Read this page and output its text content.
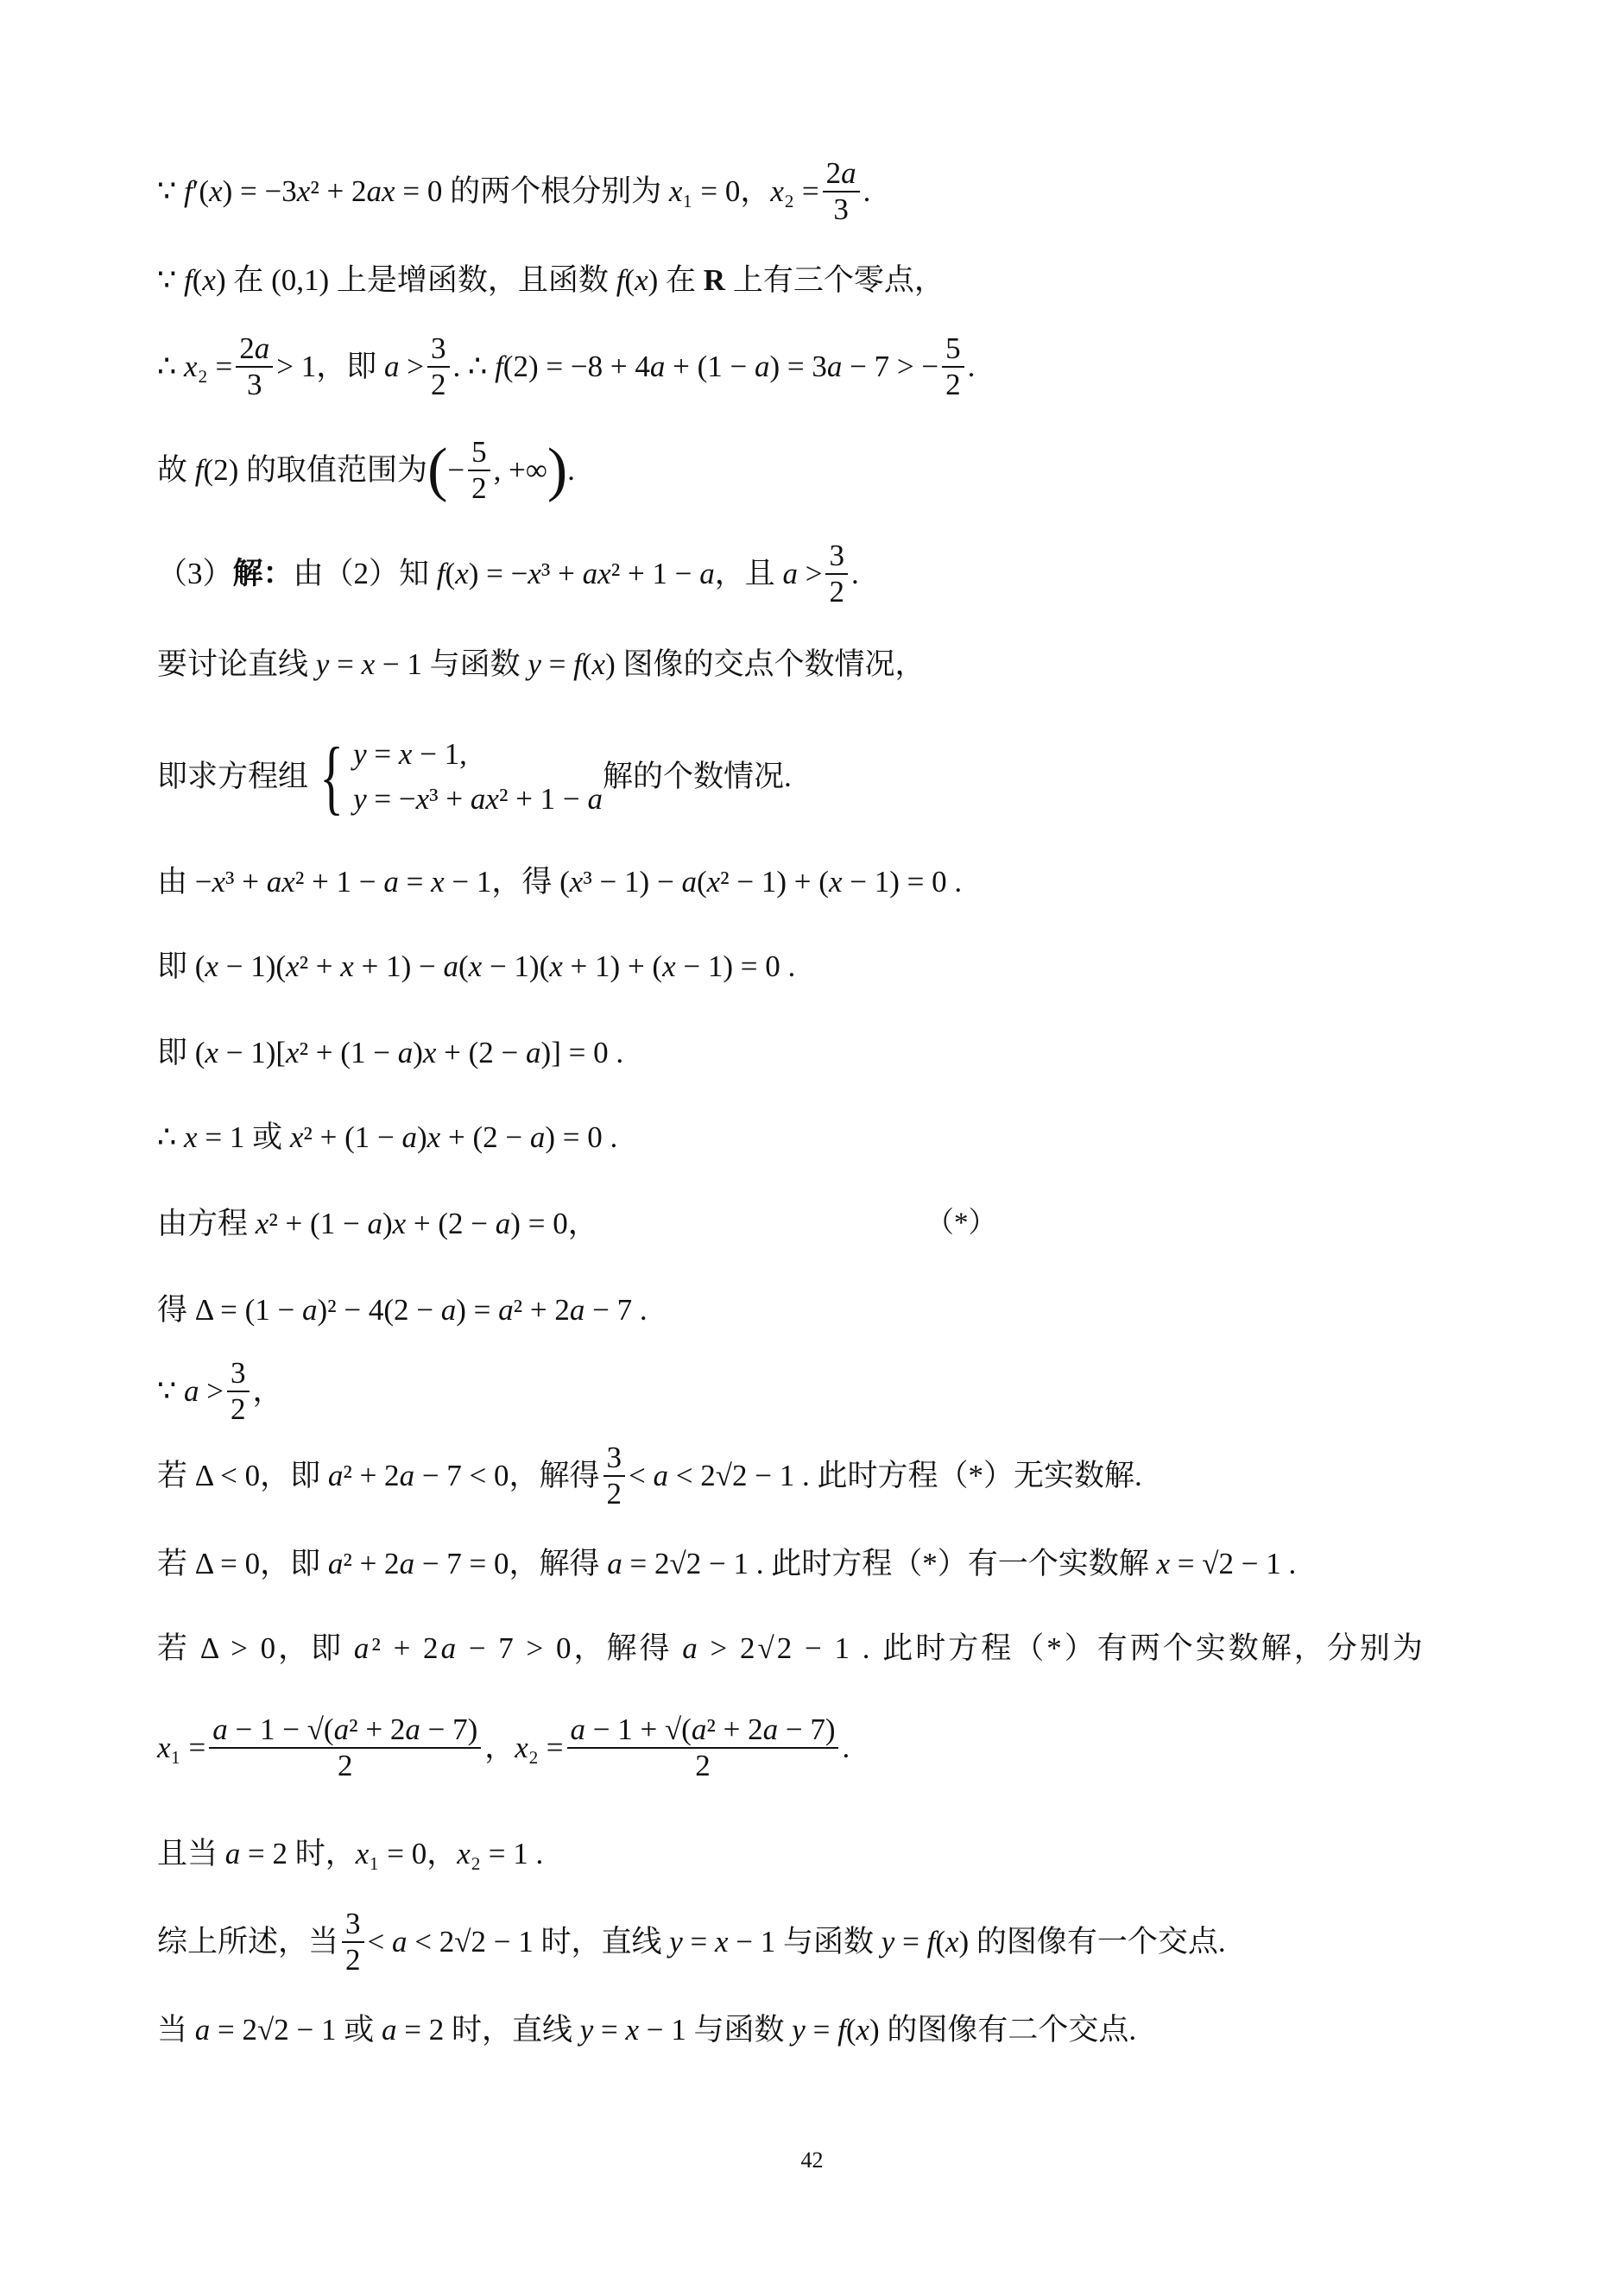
∵ f′(x) = −3x² + 2ax = 0 的两个根分别为 x₁ = 0，$x_2 = \frac{2a}{3}$ .
∵ f(x) 在 (0,1) 上是增函数，且函数 f(x) 在 R 上有三个零点，
∴ $x_2 = \frac{2a}{3} > 1$，即 $a > \frac{3}{2}$ . ∴ f(2) = −8 + 4a + (1 − a) = 3a − 7 > − $\frac{5}{2}$ .
故 f(2) 的取值范围为 ( − $\frac{5}{2}$ , +∞ ) .
（3）解：由（2）知 f(x) = −x³ + ax² + 1 − a，且 $a > \frac{3}{2}$ .
要讨论直线 y = x − 1 与函数 y = f(x) 图像的交点个数情况，
即求方程组 { y = x − 1,
y = −x³ + ax² + 1 − a
解的个数情况.
由 −x³ + ax² + 1 − a = x − 1，得 (x³ − 1) − a(x² − 1) + (x − 1) = 0 .
即 (x − 1)(x² + x + 1) − a(x − 1)(x + 1) + (x − 1) = 0 .
即 (x − 1)[x² + (1 − a)x + (2 − a)] = 0 .
∴ x = 1 或 x² + (1 − a)x + (2 − a) = 0 .
由方程 x² + (1 − a)x + (2 − a) = 0，	（*）
得 Δ = (1 − a)² − 4(2 − a) = a² + 2a − 7 .
∵ $a > \frac{3}{2}$ ，
若 Δ < 0，即 a² + 2a − 7 < 0，解得 $\frac{3}{2} < a < 2√2 - 1$ . 此时方程（*）无实数解.
若 Δ = 0，即 a² + 2a − 7 = 0，解得 a = 2√2 − 1 . 此时方程（*）有一个实数解 x = √2 − 1 .
若 Δ > 0，即 a² + 2a − 7 > 0，解得 a > 2√2 − 1 . 此时方程（*）有两个实数解，分别为
$x_1 = \frac{\text{a − 1 − √(a² + 2a − 7)}}{2}$ ，$x_2 = \frac{\text{a − 1 + √(a² + 2a − 7)}}{2}$ .
且当 a = 2 时，x₁ = 0，x₂ = 1 .
综上所述，当 $\frac{3}{2} < a < 2√2 - 1$ 时，直线 y = x − 1 与函数 y = f(x) 的图像有一个交点.
当 a = 2√2 − 1 或 a = 2 时，直线 y = x − 1 与函数 y = f(x) 的图像有二个交点.
42
